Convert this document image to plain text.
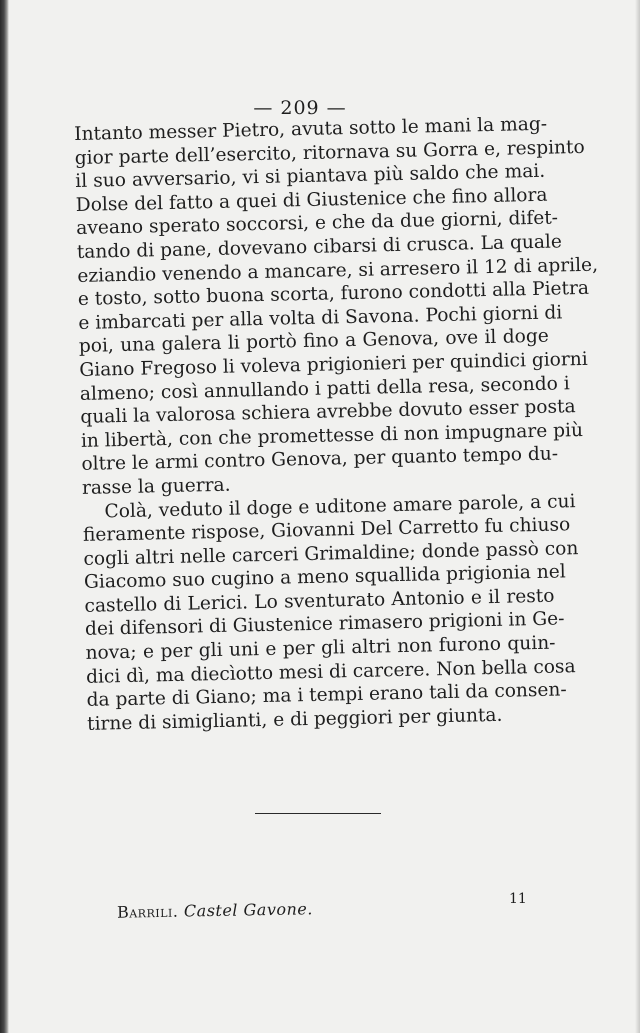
— 209 —
Intanto messer Pietro, avuta sotto le mani la mag-
gior parte dell’esercito, ritornava su Gorra e, respinto
il suo avversario, vi si piantava più saldo che mai.
Dolse del fatto a quei di Giustenice che fino allora
aveano sperato soccorsi, e che da due giorni, difet-
tando di pane, dovevano cibarsi di crusca. La quale
eziandio venendo a mancare, si arresero il 12 di aprile,
e tosto, sotto buona scorta, furono condotti alla Pietra
e imbarcati per alla volta di Savona. Pochi giorni di
poi, una galera li portò fino a Genova, ove il doge
Giano Fregoso li voleva prigionieri per quindici giorni
almeno; così annullando i patti della resa, secondo i
quali la valorosa schiera avrebbe dovuto esser posta
in libertà, con che promettesse di non impugnare più
oltre le armi contro Genova, per quanto tempo du-
rasse la guerra.
Colà, veduto il doge e uditone amare parole, a cui
fieramente rispose, Giovanni Del Carretto fu chiuso
cogli altri nelle carceri Grimaldine; donde passò con
Giacomo suo cugino a meno squallida prigionia nel
castello di Lerici. Lo sventurato Antonio e il resto
dei difensori di Giustenice rimasero prigioni in Ge-
nova; e per gli uni e per gli altri non furono quin-
dici dì, ma diecìotto mesi di carcere. Non bella cosa
da parte di Giano; ma i tempi erano tali da consen-
tirne di simiglianti, e di peggiori per giunta.
Barrili. Castel Gavone.
11
